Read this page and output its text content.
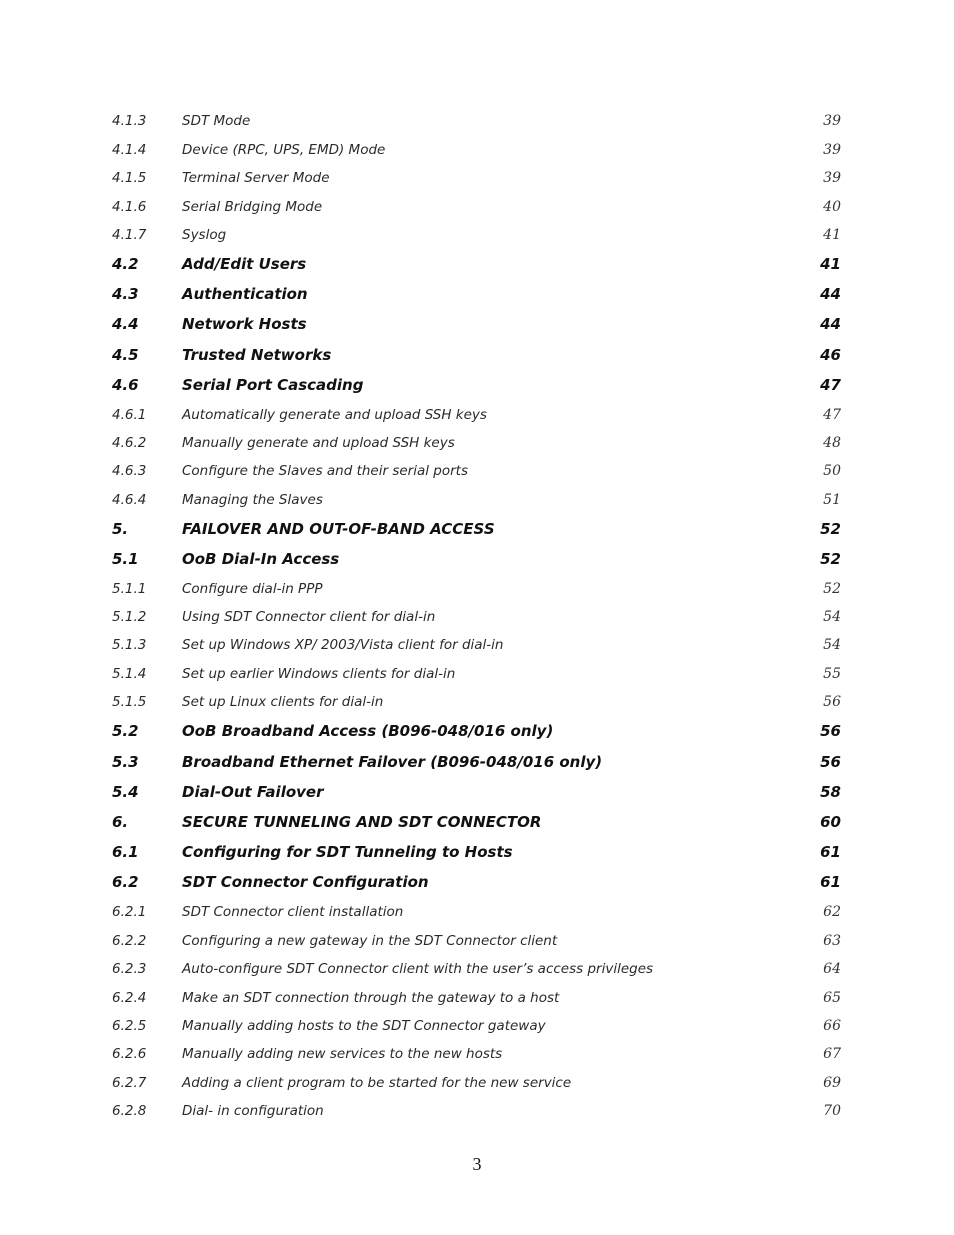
4.1.3	SDT Mode	39
4.1.4	Device (RPC, UPS, EMD) Mode	39
4.1.5	Terminal Server Mode	39
4.1.6	Serial Bridging Mode	40
4.1.7	Syslog	41
4.2	Add/Edit Users	41
4.3	Authentication	44
4.4	Network Hosts	44
4.5	Trusted Networks	46
4.6	Serial Port Cascading	47
4.6.1	Automatically generate and upload SSH keys	47
4.6.2	Manually generate and upload SSH keys	48
4.6.3	Configure the Slaves and their serial ports	50
4.6.4	Managing the Slaves	51
5.	FAILOVER AND OUT-OF-BAND ACCESS	52
5.1	OoB Dial-In Access	52
5.1.1	Configure dial-in PPP	52
5.1.2	Using SDT Connector client for dial-in	54
5.1.3	Set up Windows XP/ 2003/Vista client for dial-in	54
5.1.4	Set up earlier Windows clients for dial-in	55
5.1.5	Set up Linux clients for dial-in	56
5.2	OoB Broadband Access (B096-048/016 only)	56
5.3	Broadband Ethernet Failover (B096-048/016 only)	56
5.4	Dial-Out Failover	58
6.	SECURE TUNNELING AND SDT CONNECTOR	60
6.1	Configuring for SDT Tunneling to Hosts	61
6.2	SDT Connector Configuration	61
6.2.1	SDT Connector client installation	62
6.2.2	Configuring a new gateway in the SDT Connector client	63
6.2.3	Auto-configure SDT Connector client with the user’s access privileges	64
6.2.4	Make an SDT connection through the gateway to a host	65
6.2.5	Manually adding hosts to the SDT Connector gateway	66
6.2.6	Manually adding new services to the new hosts	67
6.2.7	Adding a client program to be started for the new service	69
6.2.8	Dial- in configuration	70
3
